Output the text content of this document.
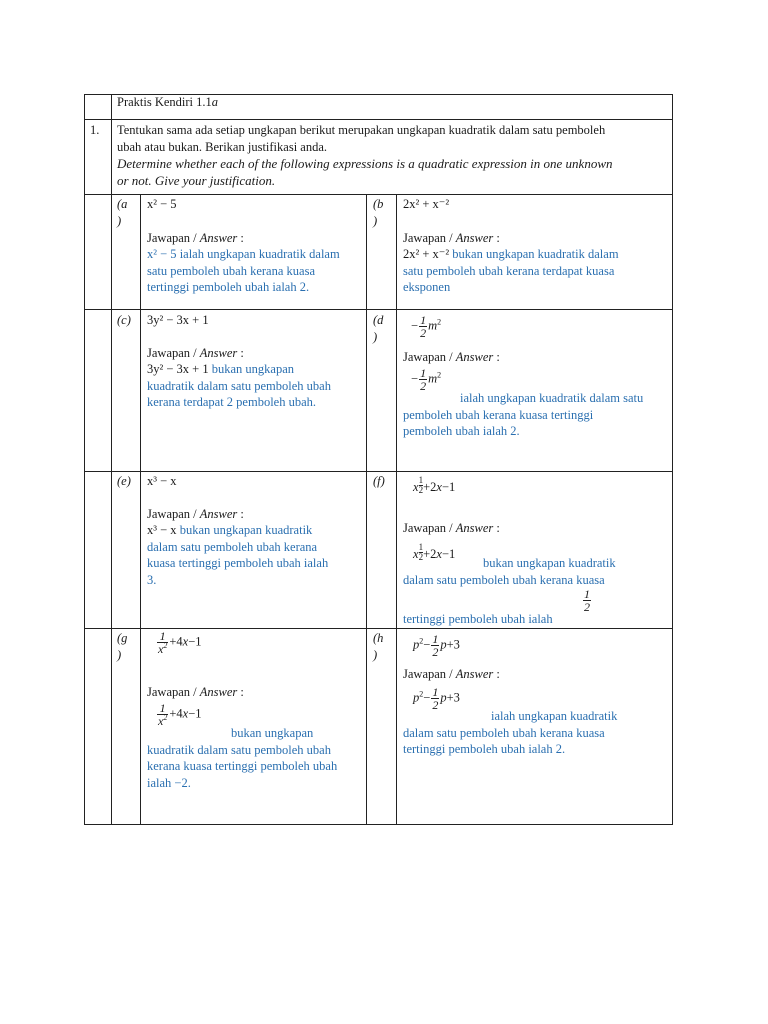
Praktis Kendiri 1.1a
1. Tentukan sama ada setiap ungkapan berikut merupakan ungkapan kuadratik dalam satu pemboleh
ubah atau bukan. Berikan justifikasi anda.
Determine whether each of the following expressions is a quadratic expression in one unknown
or not. Give your justification.
(a
)
x² − 5
Jawapan / Answer :
x² − 5 ialah ungkapan kuadratik dalam
satu pemboleh ubah kerana kuasa
tertinggi pemboleh ubah ialah 2.
(b
)
2x² + x⁻²
Jawapan / Answer :
2x² + x⁻² bukan ungkapan kuadratik dalam
satu pemboleh ubah kerana terdapat kuasa
eksponen
(c) 3y² − 3x + 1
Jawapan / Answer :
3y² − 3x + 1 bukan ungkapan
kuadratik dalam satu pemboleh ubah
kerana terdapat 2 pemboleh ubah.
(d
)
− $\frac{1}{2} m^2$
Jawapan / Answer :
− $\frac{1}{2} m^2$
ialah ungkapan kuadratik dalam satu
pemboleh ubah kerana kuasa tertinggi
pemboleh ubah ialah 2.
(e) x³ − x
Jawapan / Answer :
x³ − x bukan ungkapan kuadratik
dalam satu pemboleh ubah kerana
kuasa tertinggi pemboleh ubah ialah
3.
(f) x $\frac{1}{2} +2x-1$
Jawapan / Answer :
x $\frac{1}{2} +2x-1$
bukan ungkapan kuadratik
dalam satu pemboleh ubah kerana kuasa
tertinggi pemboleh ubah ialah
$\frac{1}{2}$
(g
)	$\frac{1}{x^2} +4x-1$
Jawapan / Answer :
$\frac{1}{x^2} +4x-1$
bukan ungkapan
kuadratik dalam satu pemboleh ubah
kerana kuasa tertinggi pemboleh ubah
ialah −2.
(h
)
$p^2- \frac{1}{2} p+3$
Jawapan / Answer :
$p^2- \frac{1}{2} p+3$
ialah ungkapan kuadratik
dalam satu pemboleh ubah kerana kuasa
tertinggi pemboleh ubah ialah 2.
